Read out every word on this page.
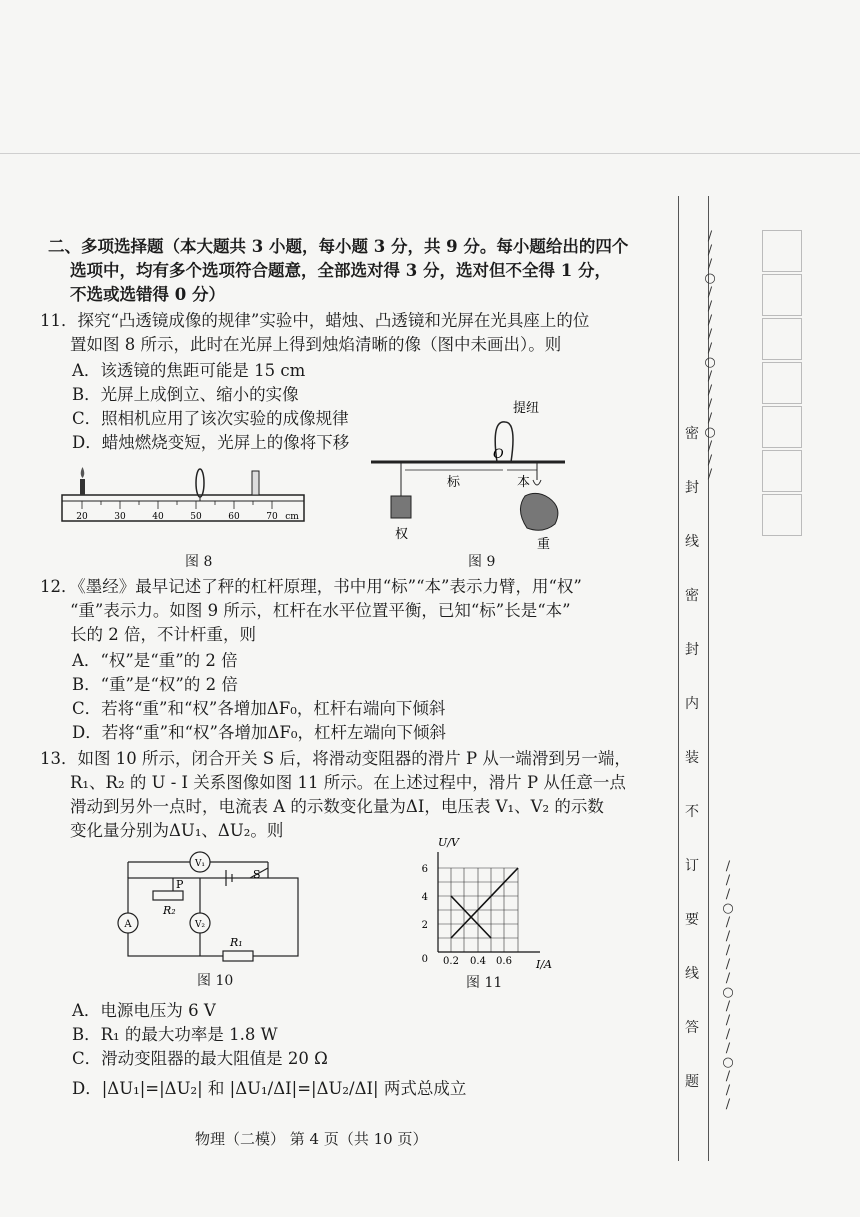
二、多项选择题（本大题共 3 小题，每小题 3 分，共 9 分。每小题给出的四个
选项中，均有多个选项符合题意，全部选对得 3 分，选对但不全得 1 分，
不选或选错得 0 分）
11．探究“凸透镜成像的规律”实验中，蜡烛、凸透镜和光屏在光具座上的位
置如图 8 所示，此时在光屏上得到烛焰清晰的像（图中未画出）。则
A．该透镜的焦距可能是 15 cm
B．光屏上成倒立、缩小的实像
C．照相机应用了该次实验的成像规律
D．蜡烛燃烧变短，光屏上的像将下移
20	30	40	50	60	70 cm
图 8
提纽
O
标	本
权
重
图 9
12．《墨经》最早记述了秤的杠杆原理，书中用“标”“本”表示力臂，用“权”
“重”表示力。如图 9 所示，杠杆在水平位置平衡，已知“标”长是“本”
长的 2 倍，不计杆重，则
A．“权”是“重”的 2 倍
B．“重”是“权”的 2 倍
C．若将“重”和“权”各增加ΔF₀，杠杆右端向下倾斜
D．若将“重”和“权”各增加ΔF₀，杠杆左端向下倾斜
13．如图 10 所示，闭合开关 S 后，将滑动变阻器的滑片 P 从一端滑到另一端，
R₁、R₂ 的 U - I 关系图像如图 11 所示。在上述过程中，滑片 P 从任意一点
滑动到另外一点时，电流表 A 的示数变化量为ΔI，电压表 V₁、V₂ 的示数
变化量分别为ΔU₁、ΔU₂。则
V₁
A	V₂
P
R₂
R₁
S
图 10
U/V
I/A
6
4
2
0 0.2 0.4 0.6
图 11
A．电源电压为 6 V
B．R₁ 的最大功率是 1.8 W
C．滑动变阻器的最大阻值是 20 Ω
D．|ΔU₁|=|ΔU₂| 和 |ΔU₁/ΔI|=|ΔU₂/ΔI| 两式总成立
物理（二模） 第 4 页（共 10 页）
密
封
线
密
封
内
装
不
订
要
线
答
题
/
/
/
○
/
/
/
/
/
○
/
/
/
/
○
/
/
/
/
/
/
○
/
/
/
/
/
○
/
/
/
/
○
/
/
/
